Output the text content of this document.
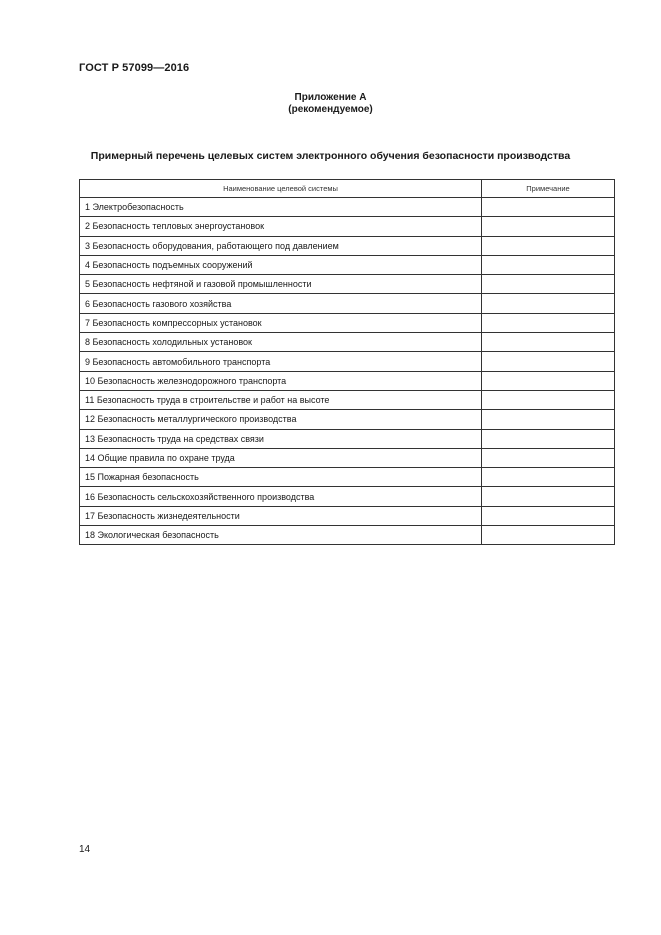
ГОСТ Р 57099—2016
Приложение А
(рекомендуемое)
Примерный перечень целевых систем электронного обучения безопасности производства
Наименование целевой системы	Примечание
1 Электробезопасность	
2 Безопасность тепловых энергоустановок	
3 Безопасность оборудования, работающего под давлением	
4 Безопасность подъемных сооружений	
5 Безопасность нефтяной и газовой промышленности	
6 Безопасность газового хозяйства	
7 Безопасность компрессорных установок	
8 Безопасность холодильных установок	
9 Безопасность автомобильного транспорта	
10 Безопасность железнодорожного транспорта	
11 Безопасность труда в строительстве и работ на высоте	
12 Безопасность металлургического производства	
13 Безопасность труда на средствах связи	
14 Общие правила по охране труда	
15 Пожарная безопасность	
16 Безопасность сельскохозяйственного производства	
17 Безопасность жизнедеятельности	
18 Экологическая безопасность	
14
